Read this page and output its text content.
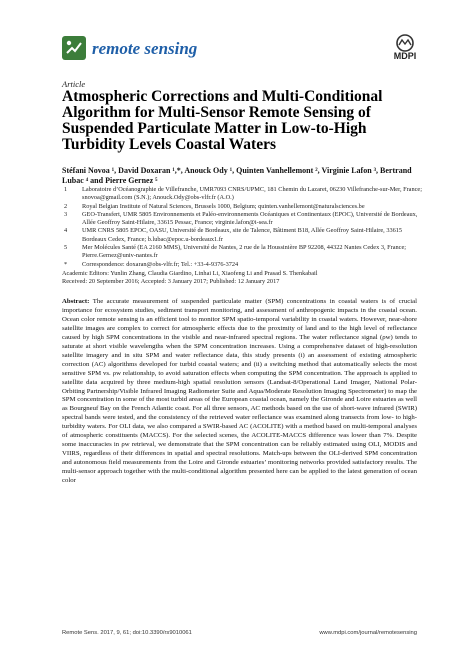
remote sensing	MDPI
Article
Atmospheric Corrections and Multi-Conditional Algorithm for Multi-Sensor Remote Sensing of Suspended Particulate Matter in Low-to-High Turbidity Levels Coastal Waters
Stéfani Novoa ¹, David Doxaran ¹,*, Anouck Ody ¹, Quinten Vanhellemont ², Virginie Lafon ³, Bertrand Lubac ⁴ and Pierre Gernez ⁵
1 Laboratoire d’Océanographie de Villefranche, UMR7093 CNRS/UPMC, 181 Chemin du Lazaret, 06230 Villefranche-sur-Mer, France; snovoa@gmail.com (S.N.); Anouck.Ody@obs-vlfr.fr (A.O.)
2 Royal Belgian Institute of Natural Sciences, Brussels 1000, Belgium; quinten.vanhellemont@naturalsciences.be
3 GEO-Transfert, UMR 5805 Environnements et Paléo-environnements Océaniques et Continentaux (EPOC), Université de Bordeaux, Allée Geoffroy Saint-Hilaire, 33615 Pessac, France; virginie.lafon@i-sea.fr
4 UMR CNRS 5805 EPOC, OASU, Université de Bordeaux, site de Talence, Bâtiment B18, Allée Geoffroy Saint-Hilaire, 33615 Bordeaux Cedex, France; b.lubac@epoc.u-bordeaux1.fr
5 Mer Molécules Santé (EA 2160 MMS), Université de Nantes, 2 rue de la Houssinière BP 92208, 44322 Nantes Cedex 3, France; Pierre.Gernez@univ-nantes.fr
* Correspondence: doxaran@obs-vlfr.fr; Tel.: +33-4-9376-3724
Academic Editors: Yunlin Zhang, Claudia Giardino, Linhai Li, Xiaofeng Li and Prasad S. Thenkabail
Received: 20 September 2016; Accepted: 3 January 2017; Published: 12 January 2017
Abstract: The accurate measurement of suspended particulate matter (SPM) concentrations in coastal waters is of crucial importance for ecosystem studies, sediment transport monitoring, and assessment of anthropogenic impacts in the coastal ocean. Ocean color remote sensing is an efficient tool to monitor SPM spatio-temporal variability in coastal waters. However, near-shore satellite images are complex to correct for atmospheric effects due to the proximity of land and to the high level of reflectance caused by high SPM concentrations in the visible and near-infrared spectral regions. The water reflectance signal (ρw) tends to saturate at short visible wavelengths when the SPM concentration increases. Using a comprehensive dataset of high-resolution satellite imagery and in situ SPM and water reflectance data, this study presents (i) an assessment of existing atmospheric correction (AC) algorithms developed for turbid coastal waters; and (ii) a switching method that automatically selects the most sensitive SPM vs. ρw relationship, to avoid saturation effects when computing the SPM concentration. The approach is applied to satellite data acquired by three medium-high spatial resolution sensors (Landsat-8/Operational Land Imager, National Polar-Orbiting Partnership/Visible Infrared Imaging Radiometer Suite and Aqua/Moderate Resolution Imaging Spectrometer) to map the SPM concentration in some of the most turbid areas of the European coastal ocean, namely the Gironde and Loire estuaries as well as Bourgneuf Bay on the French Atlantic coast. For all three sensors, AC methods based on the use of short-wave infrared (SWIR) spectral bands were tested, and the consistency of the retrieved water reflectance was examined along transects from low- to high-turbidity waters. For OLI data, we also compared a SWIR-based AC (ACOLITE) with a method based on multi-temporal analyses of atmospheric constituents (MACCS). For the selected scenes, the ACOLITE-MACCS difference was lower than 7%. Despite some inaccuracies in ρw retrieval, we demonstrate that the SPM concentration can be reliably estimated using OLI, MODIS and VIIRS, regardless of their differences in spatial and spectral resolutions. Match-ups between the OLI-derived SPM concentration and autonomous field measurements from the Loire and Gironde estuaries’ monitoring networks provided satisfactory results. The multi-sensor approach together with the multi-conditional algorithm presented here can be applied to the latest generation of ocean color
Remote Sens. 2017, 9, 61; doi:10.3390/rs9010061	www.mdpi.com/journal/remotesensing
